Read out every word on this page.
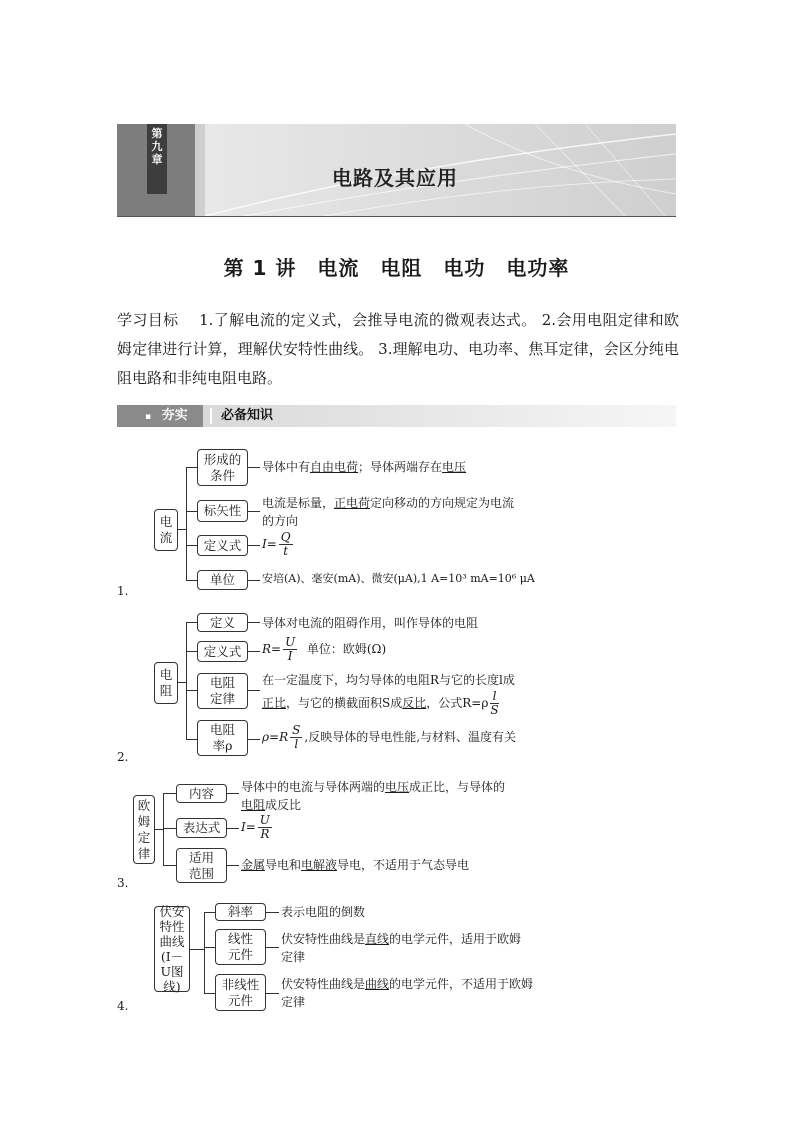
第九章
电路及其应用
第 1 讲　电流　电阻　电功　电功率
学习目标 1.了解电流的定义式，会推导电流的微观表达式。 2.会用电阻定律和欧姆定律进行计算，理解伏安特性曲线。 3.理解电功、电功率、焦耳定律，会区分纯电阻电路和非纯电阻电路。
▪ 夯实	必备知识
1.
电流
形成的条件
导体中有自由电荷；导体两端存在电压
标矢性 电流是标量，正电荷定向移动的方向规定为电流
的方向
定义式 $I= \frac{Q}{t}$
单位 安培(A)、毫安(mA)、微安(μA),1 A=10³ mA=10⁶ μA
2.
电阻
定义 导体对电流的阻碍作用，叫作导体的电阻
定义式 $R= \frac{U}{I}$ 单位：欧姆(Ω)
电阻定律
在一定温度下，均匀导体的电阻R与它的长度l成
正比，与它的横截面积S成反比，公式$R=\rho \frac{l}{S}$
电阻率ρ
$\rho=R \frac{S}{l}$ ,反映导体的导电性能,与材料、温度有关
3.
欧姆定律
内容 导体中的电流与导体两端的电压成正比，与导体的
电阻成反比
表达式 $I= \frac{U}{R}$
适用范围
金属导电和电解液导电，不适用于气态导电
4.
伏安特性曲线(I－U图线)
斜率 表示电阻的倒数
线性元件
伏安特性曲线是直线的电学元件，适用于欧姆
定律
非线性元件
伏安特性曲线是曲线的电学元件，不适用于欧姆
定律
